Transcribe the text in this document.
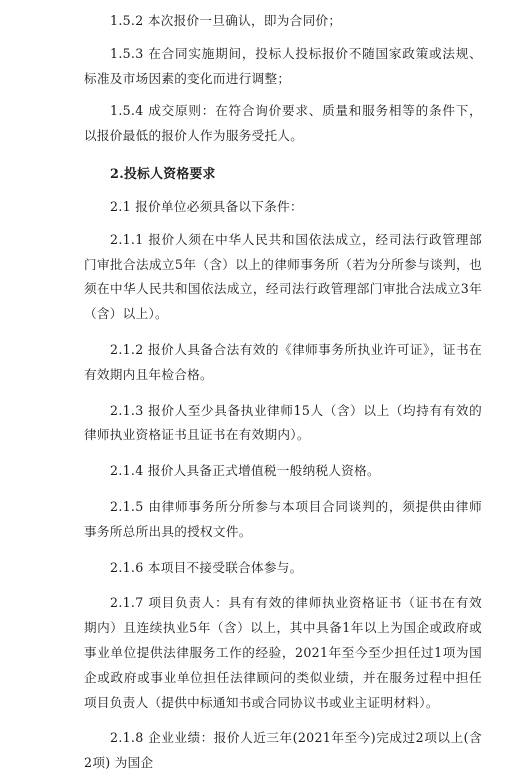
1.5.2 本次报价一旦确认，即为合同价；

1.5.3 在合同实施期间，投标人投标报价不随国家政策或法规、标准及市场因素的变化而进行调整；

1.5.4 成交原则：在符合询价要求、质量和服务相等的条件下，以报价最低的报价人作为服务受托人。

2.投标人资格要求

2.1 报价单位必须具备以下条件：

2.1.1 报价人须在中华人民共和国依法成立，经司法行政管理部门审批合法成立5年（含）以上的律师事务所（若为分所参与谈判，也须在中华人民共和国依法成立，经司法行政管理部门审批合法成立3年（含）以上）。

2.1.2 报价人具备合法有效的《律师事务所执业许可证》，证书在有效期内且年检合格。

2.1.3 报价人至少具备执业律师15人（含）以上（均持有有效的律师执业资格证书且证书在有效期内）。

2.1.4 报价人具备正式增值税一般纳税人资格。

2.1.5 由律师事务所分所参与本项目合同谈判的，须提供由律师事务所总所出具的授权文件。

2.1.6 本项目不接受联合体参与。

2.1.7 项目负责人：具有有效的律师执业资格证书（证书在有效期内）且连续执业5年（含）以上，其中具备1年以上为国企或政府或事业单位提供法律服务工作的经验，2021年至今至少担任过1项为国企或政府或事业单位担任法律顾问的类似业绩，并在服务过程中担任项目负责人（提供中标通知书或合同协议书或业主证明材料）。

2.1.8 企业业绩：报价人近三年(2021年至今)完成过2项以上(含2项) 为国企
